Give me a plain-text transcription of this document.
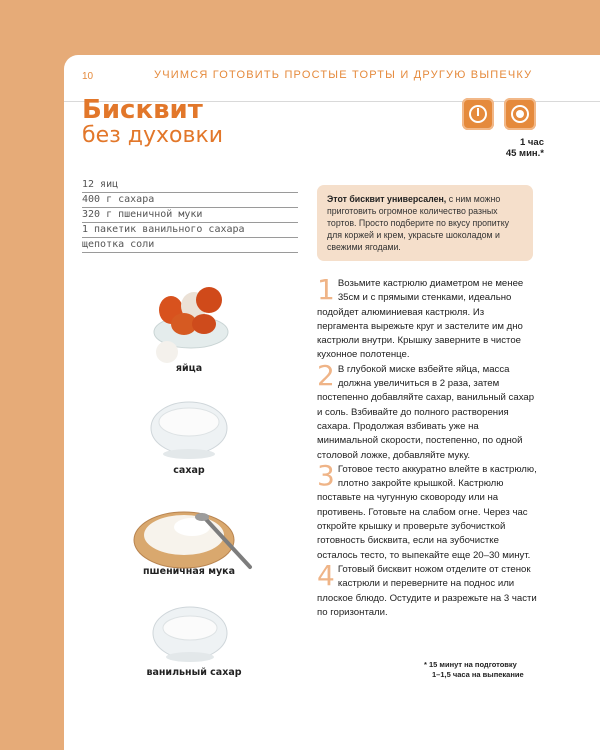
10	УЧИМСЯ ГОТОВИТЬ ПРОСТЫЕ ТОРТЫ И ДРУГУЮ ВЫПЕЧКУ
Бисквит
без духовки	1 час
45 мин.*
12 яиц
400 г сахара
320 г пшеничной муки
1 пакетик ванильного сахара
щепотка соли
Этот бисквит универсален, с ним можно приготовить огромное количество разных тортов. Просто подберите по вкусу пропитку для коржей и крем, украсьте шоколадом и свежими ягодами.
1 Возьмите кастрюлю диаметром не менее 35см и с прямыми стенками, идеально подойдет алюминиевая кастрюля. Из пергамента вырежьте круг и застелите им дно кастрюли внутри. Крышку заверните в чистое кухонное полотенце.
2 В глубокой миске взбейте яйца, масса должна увеличиться в 2 раза, затем постепенно добавляйте сахар, ванильный сахар и соль. Взбивайте до полного растворения сахара. Продолжая взбивать уже на минимальной скорости, постепенно, по одной столовой ложке, добавляйте муку.
3 Готовое тесто аккуратно влейте в кастрюлю, плотно закройте крышкой. Кастрюлю поставьте на чугунную сковороду или на противень. Готовьте на слабом огне. Через час откройте крышку и проверьте зубочисткой готовность бисквита, если на зубочистке осталось тесто, то выпекайте еще 20–30 минут.
4 Готовый бисквит ножом отделите от стенок кастрюли и переверните на поднос или плоское блюдо. Остудите и разрежьте на 3 части по горизонтали.
яйца
сахар
пшеничная мука
ванильный сахар
* 15 минут на подготовку
1–1,5 часа на выпекание
